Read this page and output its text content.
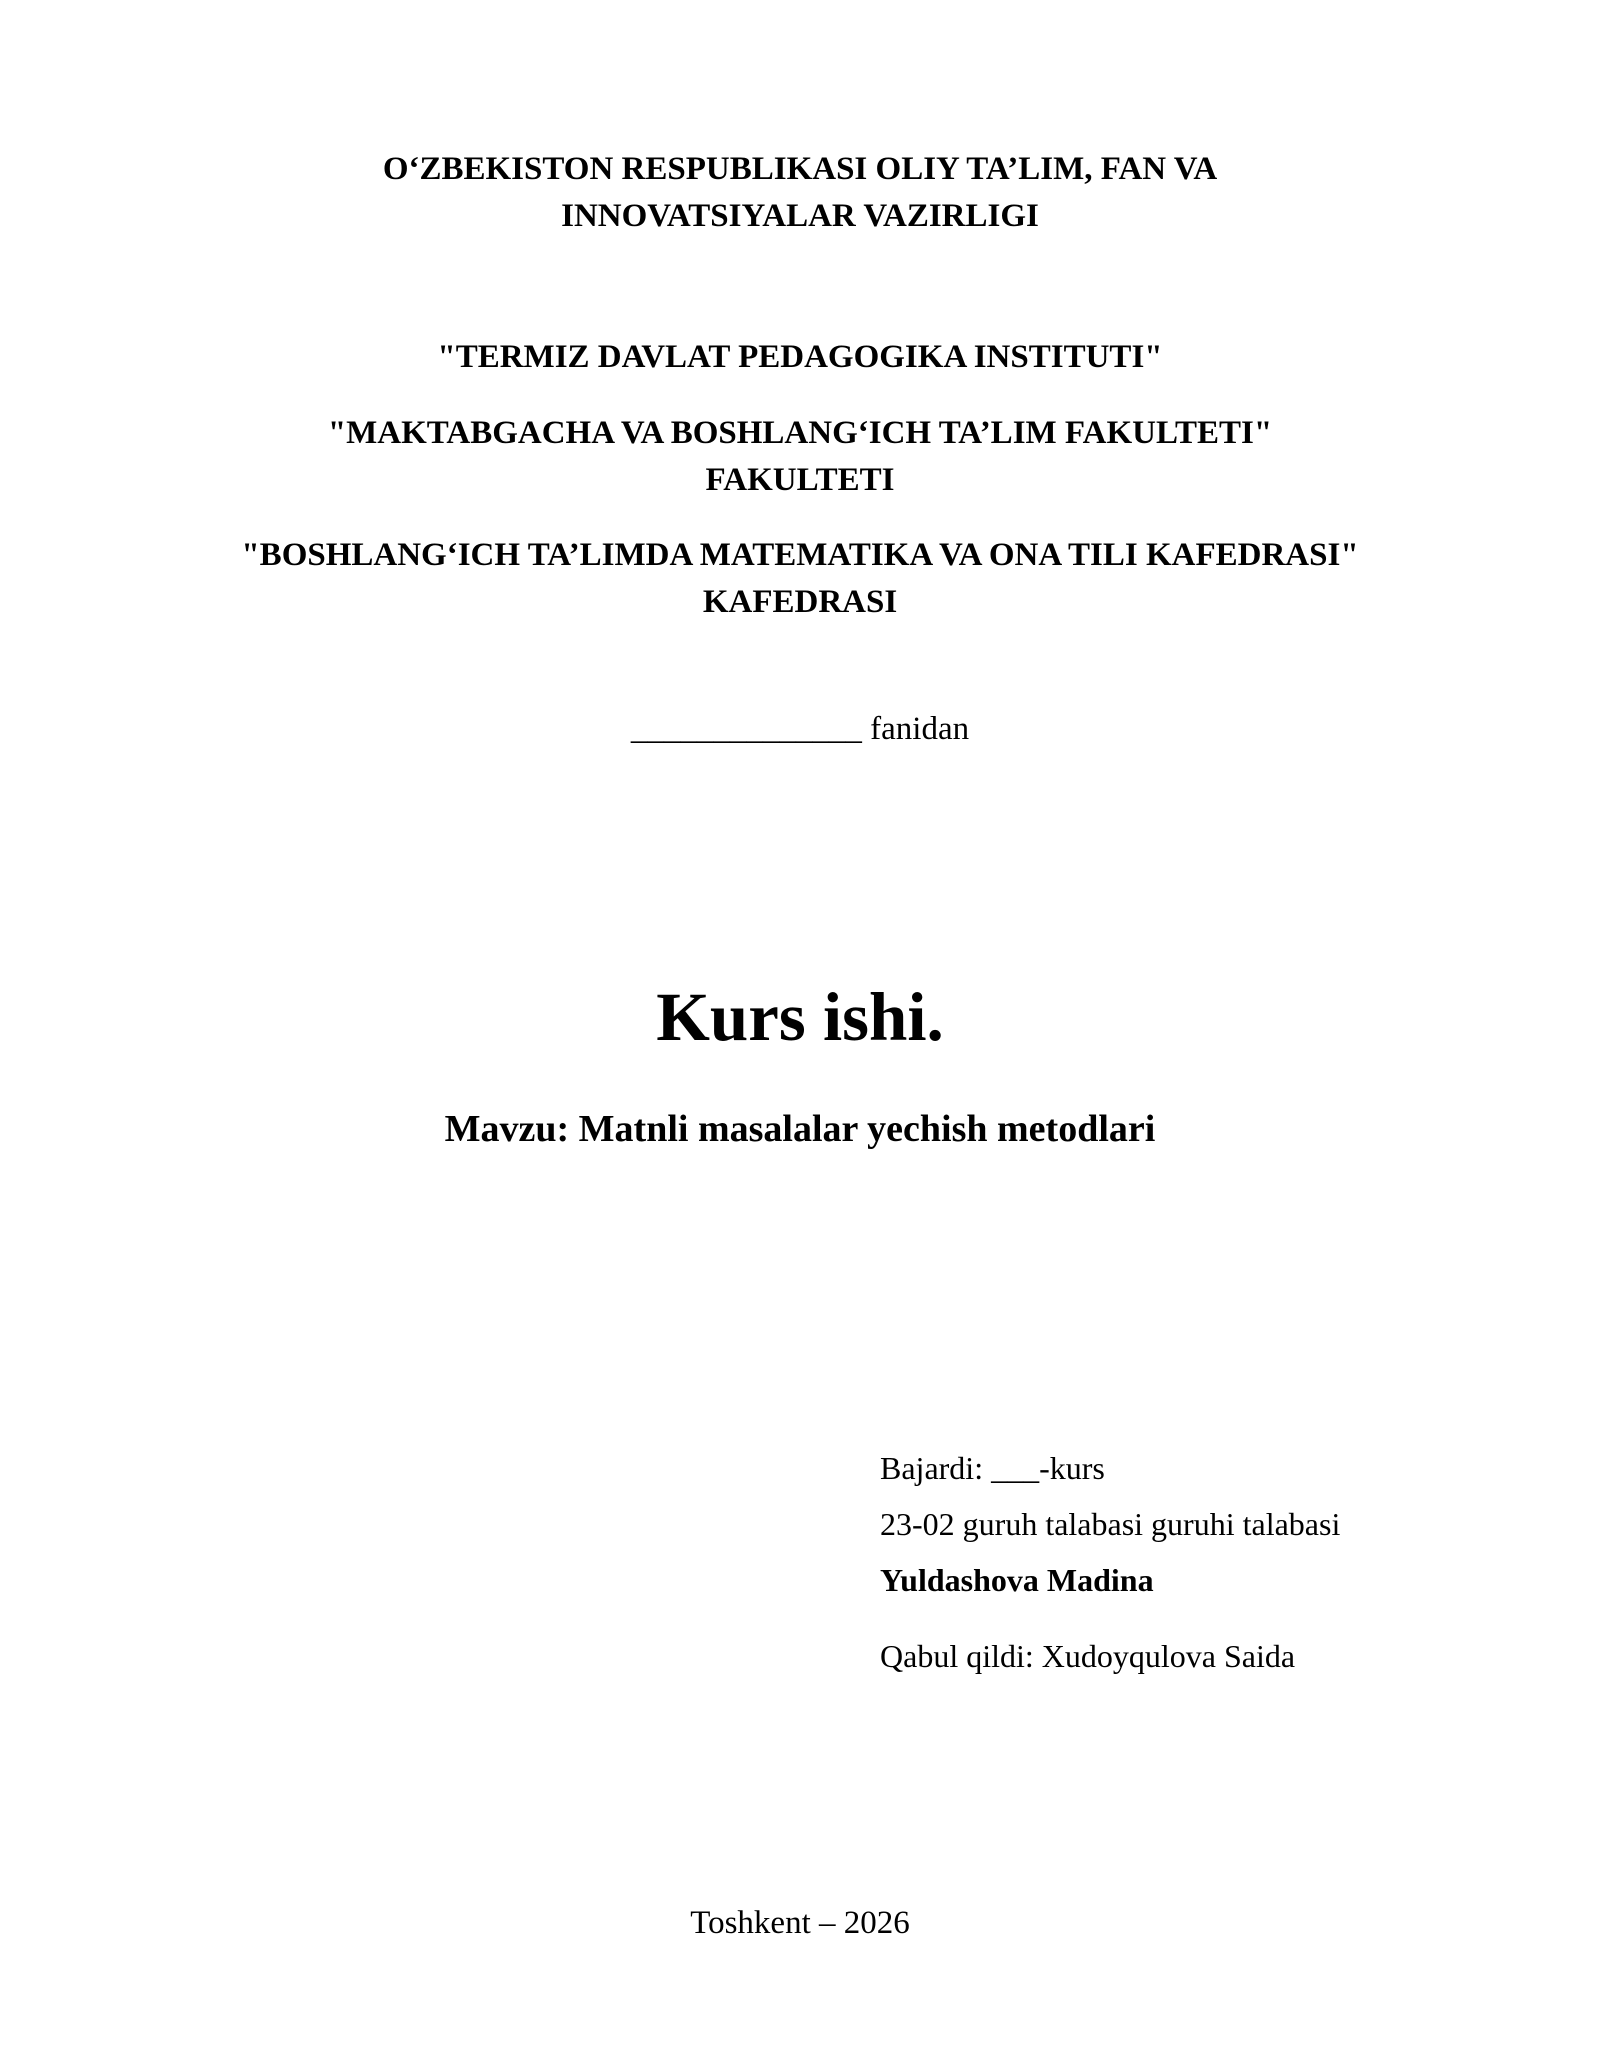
O‘ZBEKISTON RESPUBLIKASI OLIY TA’LIM, FAN VA
INNOVATSIYALAR VAZIRLIGI
"TERMIZ DAVLAT PEDAGOGIKA INSTITUTI"
"MAKTABGACHA VA BOSHLANG‘ICH TA’LIM FAKULTETI"
FAKULTETI
"BOSHLANG‘ICH TA’LIMDA MATEMATIKA VA ONA TILI KAFEDRASI"
KAFEDRASI
______________ fanidan
Kurs ishi.
Mavzu: Matnli masalalar yechish metodlari
Bajardi: ___-kurs
23-02 guruh talabasi guruhi talabasi
Yuldashova Madina
Qabul qildi: Xudoyqulova Saida
Toshkent – 2026
